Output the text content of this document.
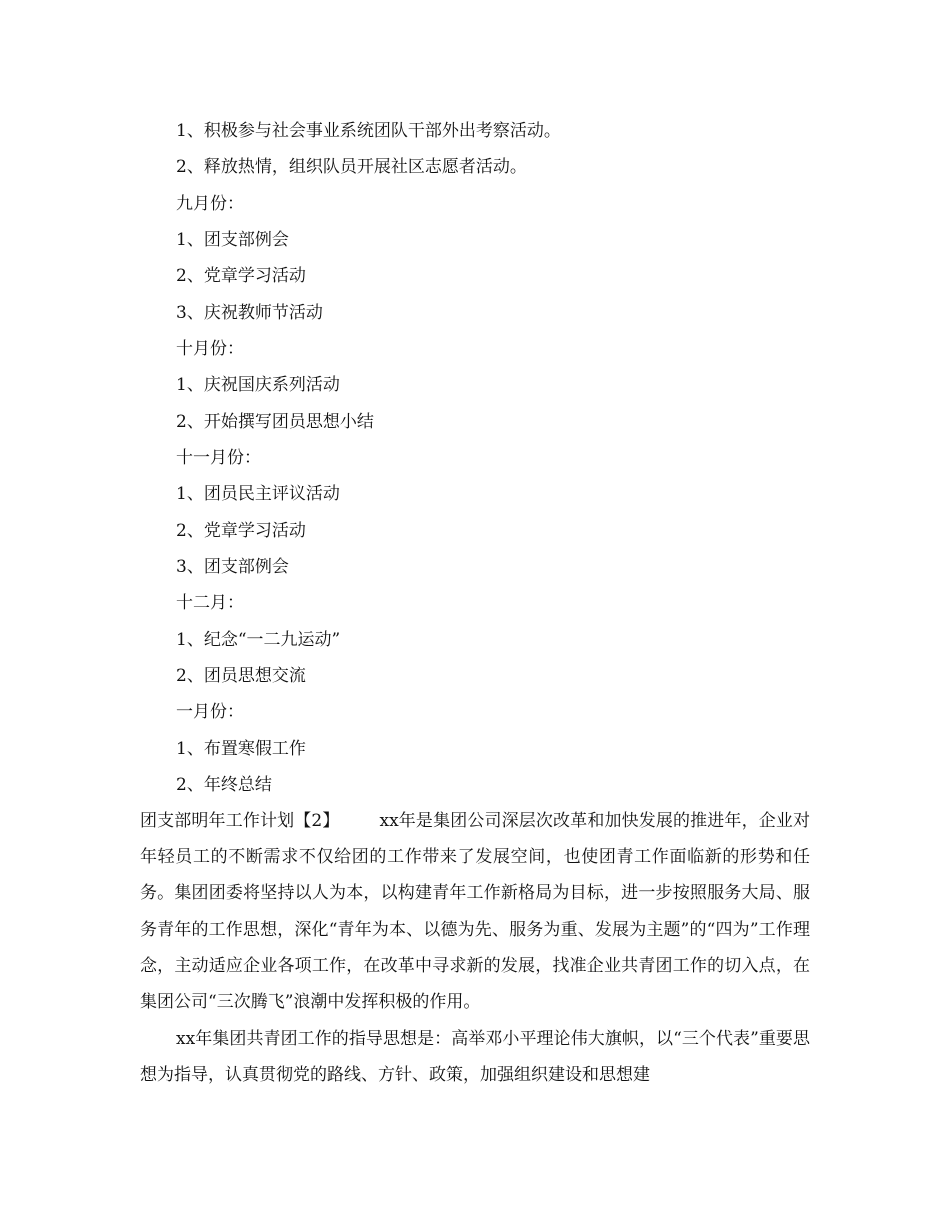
1、积极参与社会事业系统团队干部外出考察活动。
2、释放热情，组织队员开展社区志愿者活动。
九月份：
1、团支部例会
2、党章学习活动
3、庆祝教师节活动
十月份：
1、庆祝国庆系列活动
2、开始撰写团员思想小结
十一月份：
1、团员民主评议活动
2、党章学习活动
3、团支部例会
十二月：
1、纪念“一二九运动”
2、团员思想交流
一月份：
1、布置寒假工作
2、年终总结

团支部明年工作计划【2】 xx年是集团公司深层次改革和加快发展的推进年，企业对年轻员工的不断需求不仅给团的工作带来了发展空间，也使团青工作面临新的形势和任务。集团团委将坚持以人为本，以构建青年工作新格局为目标，进一步按照服务大局、服务青年的工作思想，深化“青年为本、以德为先、服务为重、发展为主题”的“四为”工作理念，主动适应企业各项工作，在改革中寻求新的发展，找准企业共青团工作的切入点，在集团公司“三次腾飞”浪潮中发挥积极的作用。

xx年集团共青团工作的指导思想是：高举邓小平理论伟大旗帜，以“三个代表”重要思想为指导，认真贯彻党的路线、方针、政策，加强组织建设和思想建
